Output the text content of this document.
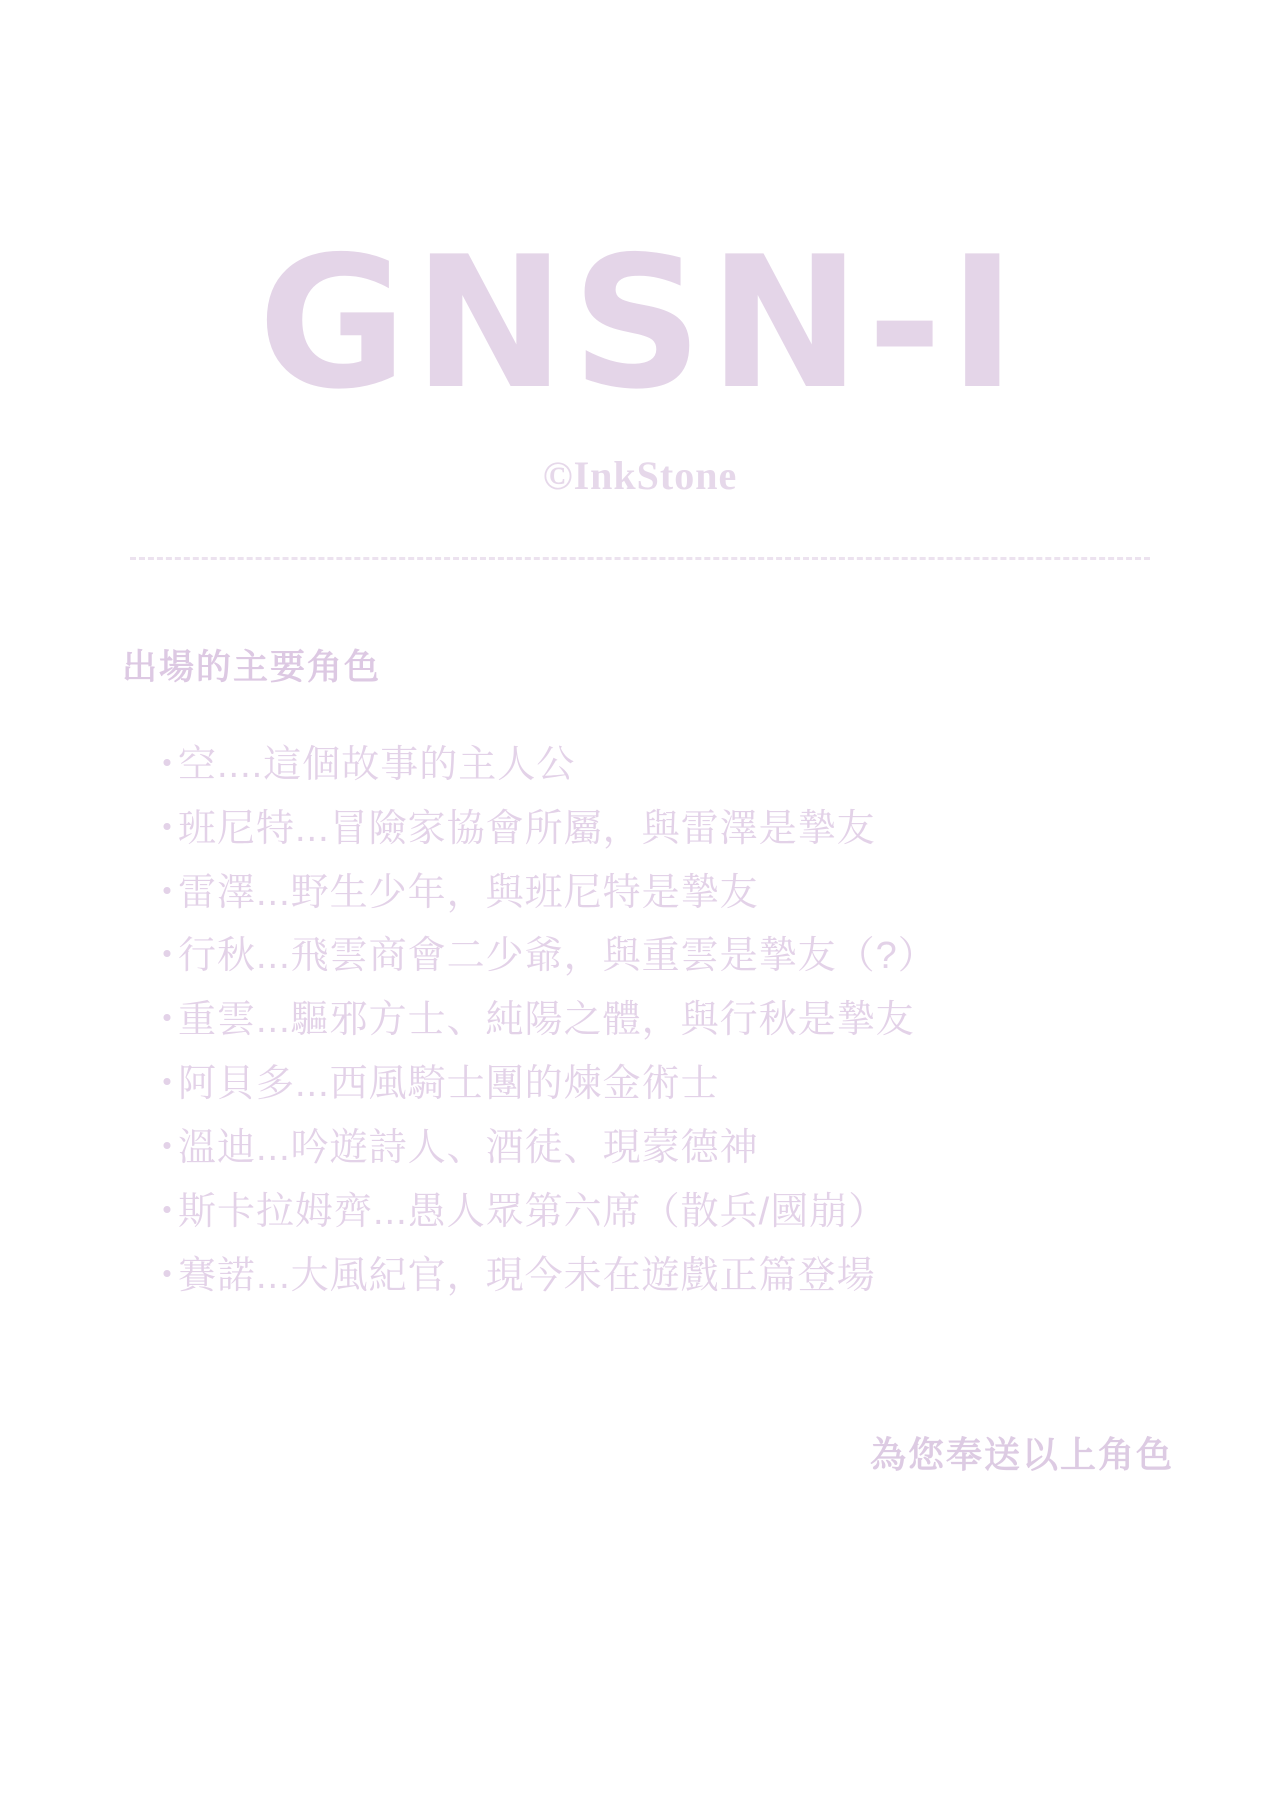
GNSN-I
©InkStone
出場的主要角色
・空....這個故事的主人公
・班尼特...冒險家協會所屬，與雷澤是摯友
・雷澤...野生少年，與班尼特是摯友
・行秋...飛雲商會二少爺，與重雲是摯友（?）
・重雲...驅邪方士、純陽之體，與行秋是摯友
・阿貝多...西風騎士團的煉金術士
・溫迪...吟遊詩人、酒徒、現蒙德神
・斯卡拉姆齊...愚人眾第六席（散兵/國崩）
・賽諾...大風紀官，現今未在遊戲正篇登場
為您奉送以上角色
